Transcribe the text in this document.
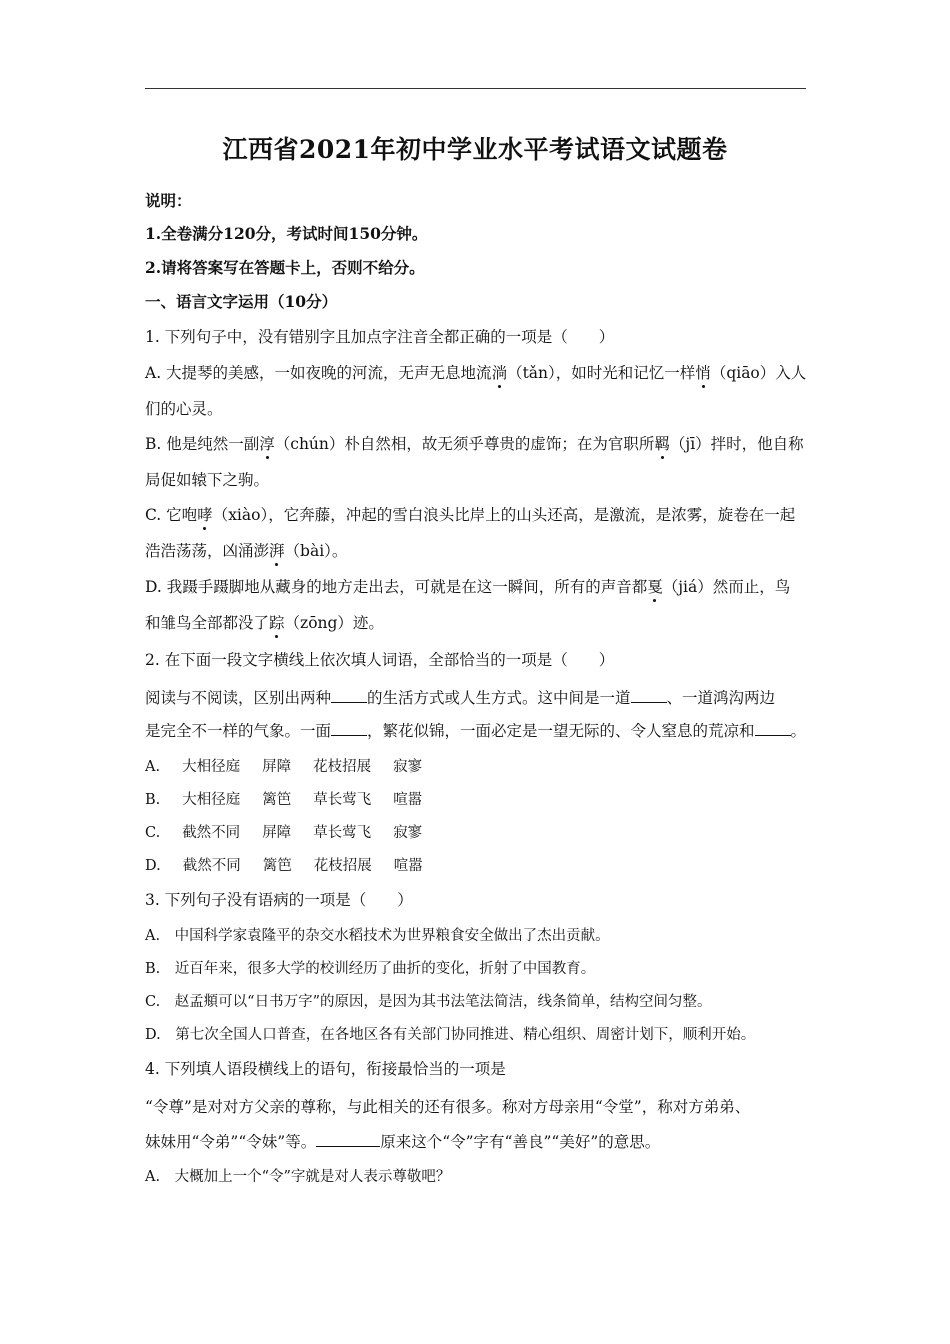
江西省2021年初中学业水平考试语文试题卷
说明：
1.全卷满分120分，考试时间150分钟。
2.请将答案写在答题卡上，否则不给分。
一、语言文字运用（10分）
1. 下列句子中，没有错别字且加点字注音全都正确的一项是（　　）
A. 大提琴的美感，一如夜晚的河流，无声无息地流淌（tǎn），如时光和记忆一样悄（qiāo）入人
们的心灵。
B. 他是纯然一副淳（chún）朴自然相，故无须乎尊贵的虚饰；在为官职所羁（jī）拌时，他自称
局促如辕下之驹。
C. 它咆哮（xiào），它奔藤，冲起的雪白浪头比岸上的山头还高，是激流，是浓雾，旋卷在一起
浩浩荡荡，凶涌澎湃（bài）。
D. 我蹑手蹑脚地从藏身的地方走出去，可就是在这一瞬间，所有的声音都戛（jiá）然而止，鸟
和雏鸟全部都没了踪（zōng）迹。
2. 在下面一段文字横线上依次填人词语，全部恰当的一项是（　　）
阅读与不阅读，区别出两种 的生活方式或人生方式。这中间是一道 、一道鸿沟两边
是完全不一样的气象。一面 ，繁花似锦，一面必定是一望无际的、令人窒息的荒凉和 。
A. 大相径庭 屏障 花枝招展 寂寥
B. 大相径庭 篱笆 草长莺飞 喧嚣
C. 截然不同 屏障 草长莺飞 寂寥
D. 截然不同 篱笆 花枝招展 喧嚣
3. 下列句子没有语病的一项是（　　）
A.　中国科学家袁隆平的杂交水稻技术为世界粮食安全做出了杰出贡献。
B.　近百年来，很多大学的校训经历了曲折的变化，折射了中国教育。
C.　赵孟頫可以“日书万字”的原因，是因为其书法笔法简洁，线条简单，结构空间匀整。
D.　第七次全国人口普查，在各地区各有关部门协同推进、精心组织、周密计划下，顺利开始。
4. 下列填人语段横线上的语句，衔接最恰当的一项是
“令尊”是对对方父亲的尊称，与此相关的还有很多。称对方母亲用“令堂”，称对方弟弟、
妹妹用“令弟”“令妹”等。	原来这个“令”字有“善良”“美好”的意思。
A.　大概加上一个“令”字就是对人表示尊敬吧？
